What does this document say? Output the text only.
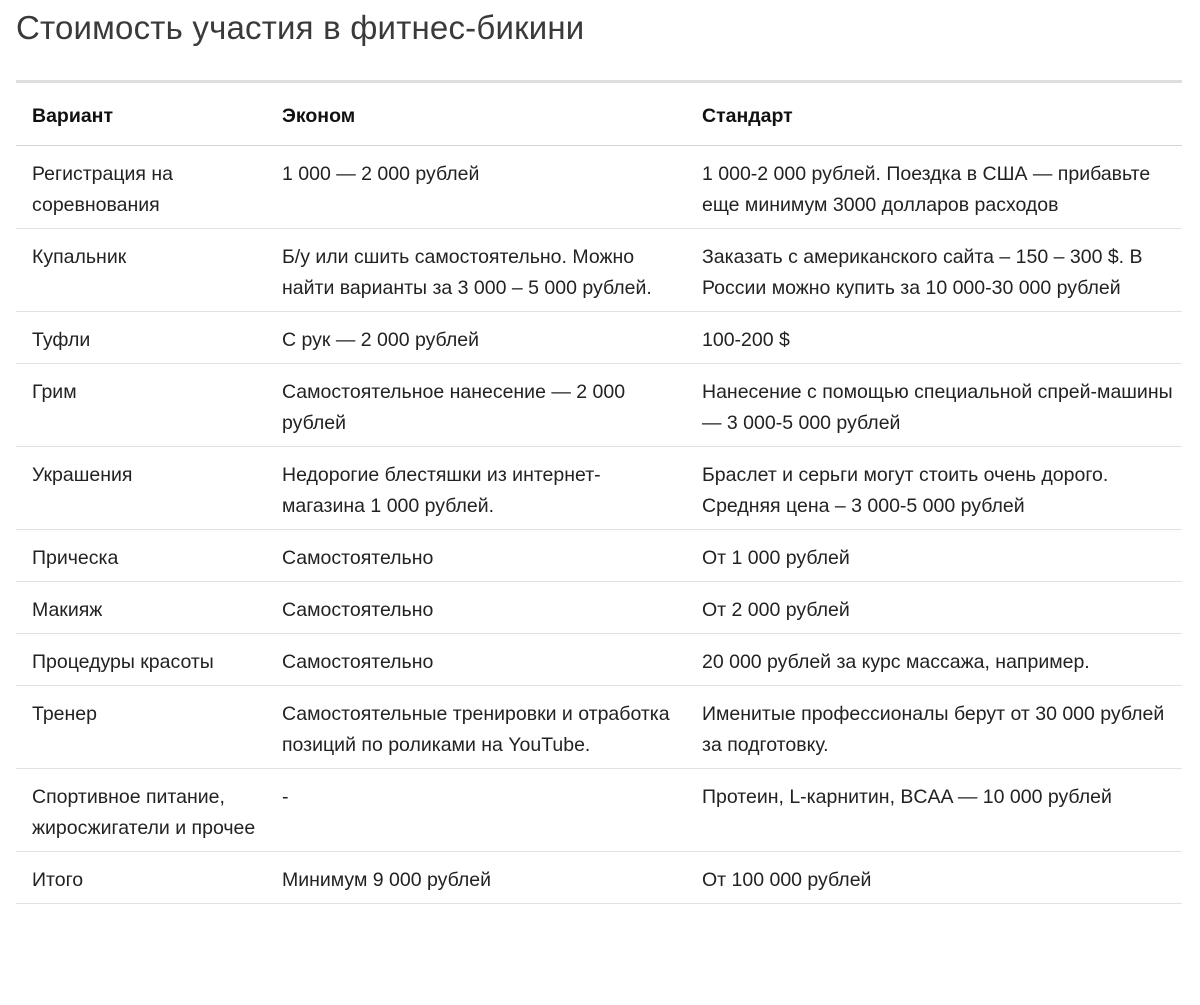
Стоимость участия в фитнес-бикини
Вариант	Эконом	Стандарт
Регистрация на соревнования	1 000 — 2 000 рублей	1 000-2 000 рублей. Поездка в США — прибавьте еще минимум 3000 долларов расходов
Купальник	Б/у или сшить самостоятельно. Можно найти варианты за 3 000 – 5 000 рублей.	Заказать с американского сайта – 150 – 300 $. В России можно купить за 10 000-30 000 рублей
Туфли	С рук — 2 000 рублей	100-200 $
Грим	Самостоятельное нанесение — 2 000 рублей	Нанесение с помощью специальной спрей-машины — 3 000-5 000 рублей
Украшения	Недорогие блестяшки из интернет-магазина 1 000 рублей.	Браслет и серьги могут стоить очень дорого. Средняя цена – 3 000-5 000 рублей
Прическа	Самостоятельно	От 1 000 рублей
Макияж	Самостоятельно	От 2 000 рублей
Процедуры красоты	Самостоятельно	20 000 рублей за курс массажа, например.
Тренер	Самостоятельные тренировки и отработка позиций по роликами на YouTube.	Именитые профессионалы берут от 30 000 рублей за подготовку.
Спортивное питание, жиросжигатели и прочее	-	Протеин, L-карнитин, BCAA — 10 000 рублей
Итого	Минимум 9 000 рублей	От 100 000 рублей
